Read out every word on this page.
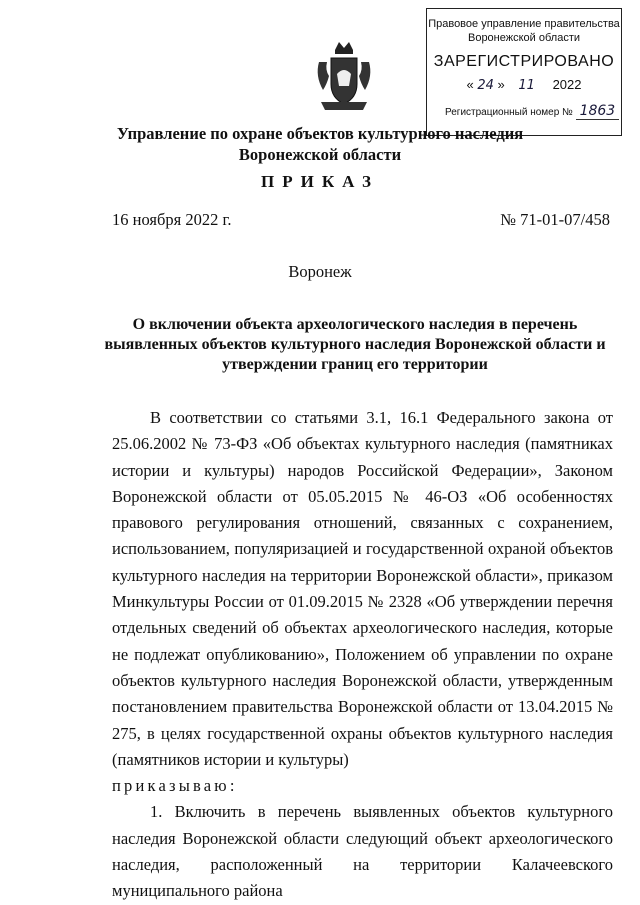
Правовое управление правительства Воронежской области
ЗАРЕГИСТРИРОВАНО
« 24 » 11 2022
Регистрационный номер № 1863
Управление по охране объектов культурного наследия
Воронежской области
ПРИКАЗ
16 ноября 2022 г.	№ 71-01-07/458
Воронеж
О включении объекта археологического наследия в перечень выявленных объектов культурного наследия Воронежской области и утверждении границ его территории

В соответствии со статьями 3.1, 16.1 Федерального закона от 25.06.2002 № 73-ФЗ «Об объектах культурного наследия (памятниках истории и культуры) народов Российской Федерации», Законом Воронежской области от 05.05.2015 № 46-ОЗ «Об особенностях правового регулирования отношений, связанных с сохранением, использованием, популяризацией и государственной охраной объектов культурного наследия на территории Воронежской области», приказом Минкультуры России от 01.09.2015 № 2328 «Об утверждении перечня отдельных сведений об объектах археологического наследия, которые не подлежат опубликованию», Положением об управлении по охране объектов культурного наследия Воронежской области, утвержденным постановлением правительства Воронежской области от 13.04.2015 № 275, в целях государственной охраны объектов культурного наследия (памятников истории и культуры)

приказываю:

1. Включить в перечень выявленных объектов культурного наследия Воронежской области следующий объект археологического наследия, расположенный на территории Калачеевского муниципального района
